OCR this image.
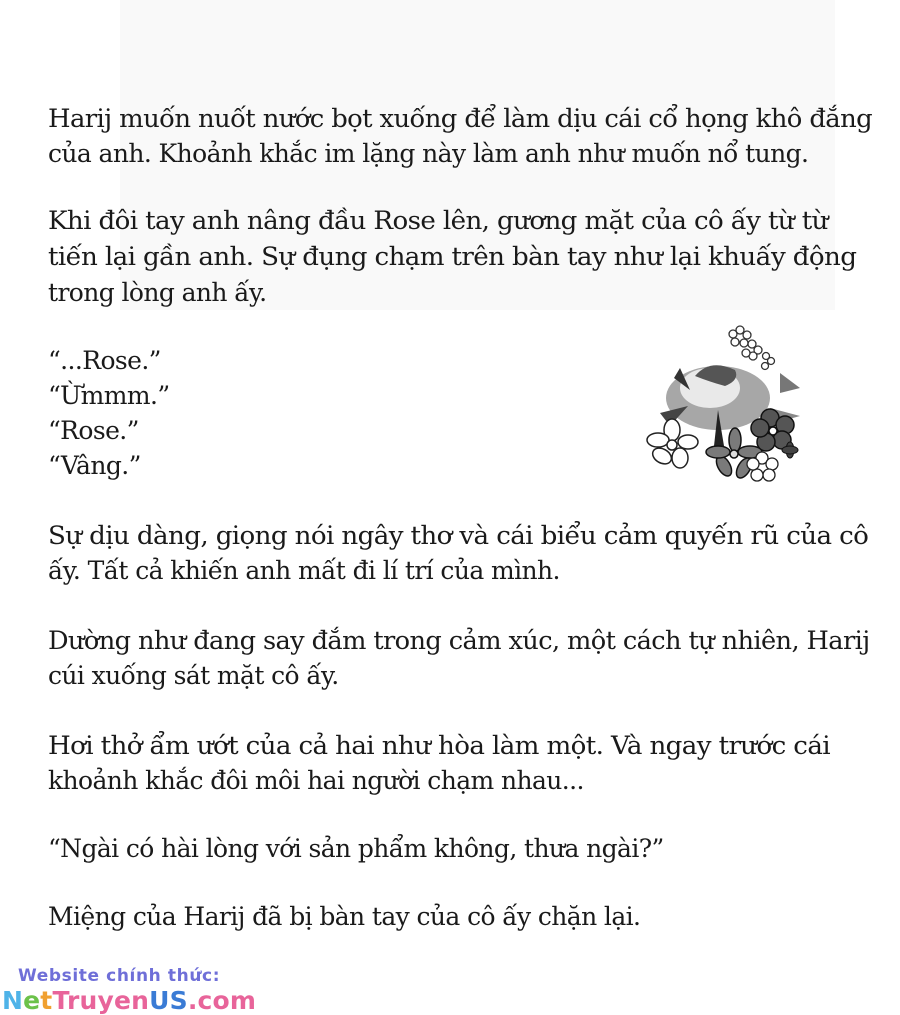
Harij muốn nuốt nước bọt xuống để làm dịu cái cổ họng khô đắng
của anh. Khoảnh khắc im lặng này làm anh như muốn nổ tung.
Khi đôi tay anh nâng đầu Rose lên, gương mặt của cô ấy từ từ
tiến lại gần anh. Sự đụng chạm trên bàn tay như lại khuấy động
trong lòng anh ấy.
“...Rose.”
“Ừmmm.”
“Rose.”
“Vâng.”
Sự dịu dàng, giọng nói ngây thơ và cái biểu cảm quyến rũ của cô
ấy. Tất cả khiến anh mất đi lí trí của mình.
Dường như đang say đắm trong cảm xúc, một cách tự nhiên, Harij
cúi xuống sát mặt cô ấy.
Hơi thở ẩm ướt của cả hai như hòa làm một. Và ngay trước cái
khoảnh khắc đôi môi hai người chạm nhau...
“Ngài có hài lòng với sản phẩm không, thưa ngài?”
Miệng của Harij đã bị bàn tay của cô ấy chặn lại.
Website chính thức:
NetTruyenUS.com
